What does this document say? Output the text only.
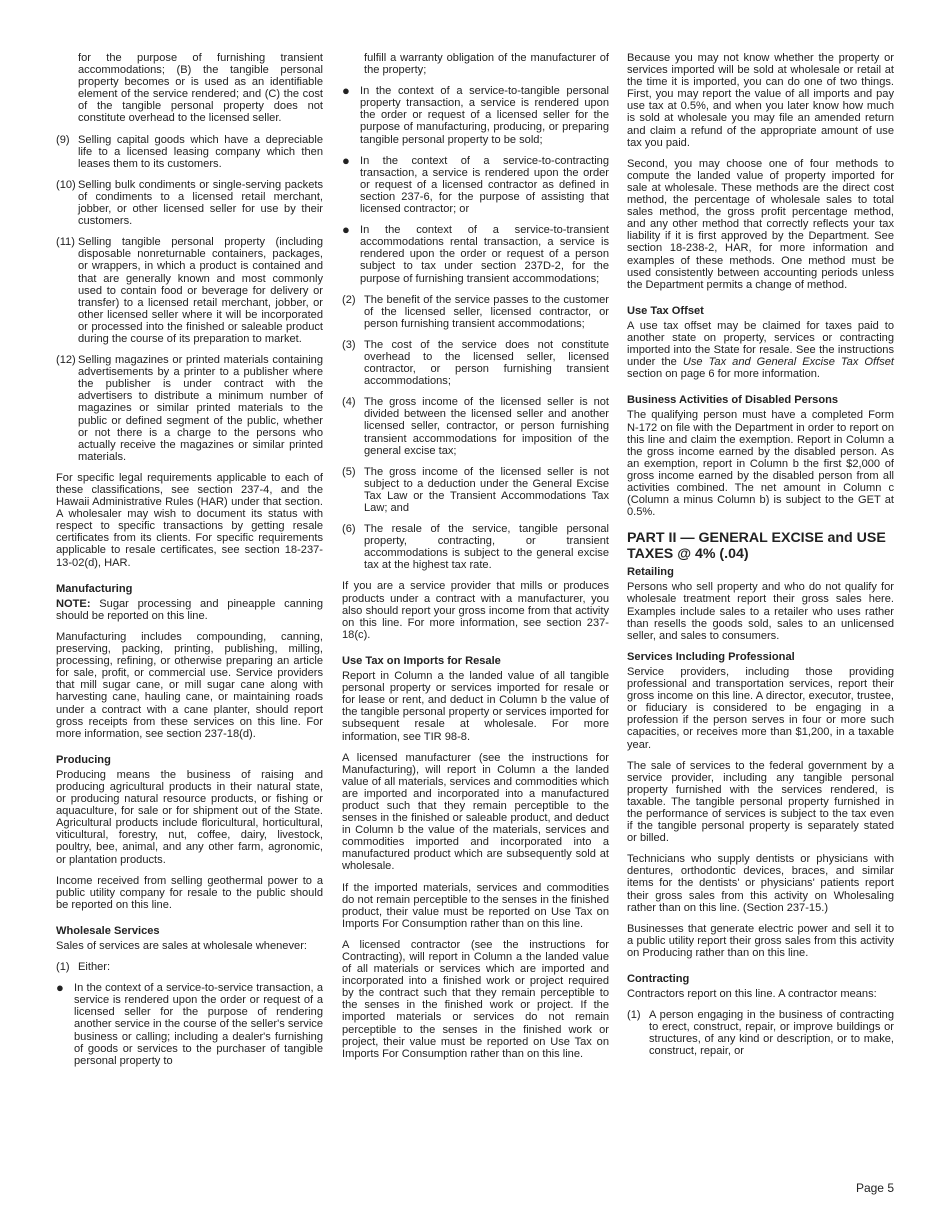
for the purpose of furnishing transient accommodations; (B) the tangible personal property becomes or is used as an identifiable element of the service rendered; and (C) the cost of the tangible personal property does not constitute overhead to the licensed seller.

(9) Selling capital goods which have a depreciable life to a licensed leasing company which then leases them to its customers.
(10) Selling bulk condiments or single-serving packets of condiments to a licensed retail merchant, jobber, or other licensed seller for use by their customers.
(11) Selling tangible personal property (including disposable nonreturnable containers, packages, or wrappers, in which a product is contained and that are generally known and most commonly used to contain food or beverage for delivery or transfer) to a licensed retail merchant, jobber, or other licensed seller where it will be incorporated or processed into the finished or saleable product during the course of its preparation to market.
(12) Selling magazines or printed materials containing advertisements by a printer to a publisher where the publisher is under contract with the advertisers to distribute a minimum number of magazines or similar printed materials to the public or defined segment of the public, whether or not there is a charge to the persons who actually receive the magazines or similar printed materials.

For specific legal requirements applicable to each of these classifications, see section 237-4, and the Hawaii Administrative Rules (HAR) under that section. A wholesaler may wish to document its status with respect to specific transactions by getting resale certificates from its clients. For specific requirements applicable to resale certificates, see section 18-237-13-02(d), HAR.

Manufacturing

NOTE: Sugar processing and pineapple canning should be reported on this line.

Manufacturing includes compounding, canning, preserving, packing, printing, publishing, milling, processing, refining, or otherwise preparing an article for sale, profit, or commercial use. Service providers that mill sugar cane, or mill sugar cane along with harvesting cane, hauling cane, or maintaining roads under a contract with a cane planter, should report gross receipts from these services on this line. For more information, see section 237-18(d).

Producing

Producing means the business of raising and producing agricultural products in their natural state, or producing natural resource products, or fishing or aquaculture, for sale or for shipment out of the State. Agricultural products include floricultural, horticultural, viticultural, forestry, nut, coffee, dairy, livestock, poultry, bee, animal, and any other farm, agronomic, or plantation products.

Income received from selling geothermal power to a public utility company for resale to the public should be reported on this line.

Wholesale Services

Sales of services are sales at wholesale whenever:

(1) Either:
● In the context of a service-to-service transaction, a service is rendered upon the order or request of a licensed seller for the purpose of rendering another service in the course of the seller's service business or calling; including a dealer's furnishing of goods or services to the purchaser of tangible personal property to

fulfill a warranty obligation of the manufacturer of the property;

● In the context of a service-to-tangible personal property transaction, a service is rendered upon the order or request of a licensed seller for the purpose of manufacturing, producing, or preparing tangible personal property to be sold;
● In the context of a service-to-contracting transaction, a service is rendered upon the order or request of a licensed contractor as defined in section 237-6, for the purpose of assisting that licensed contractor; or
● In the context of a service-to-transient accommodations rental transaction, a service is rendered upon the order or request of a person subject to tax under section 237D-2, for the purpose of furnishing transient accommodations;
(2) The benefit of the service passes to the customer of the licensed seller, licensed contractor, or person furnishing transient accommodations;
(3) The cost of the service does not constitute overhead to the licensed seller, licensed contractor, or person furnishing transient accommodations;
(4) The gross income of the licensed seller is not divided between the licensed seller and another licensed seller, contractor, or person furnishing transient accommodations for imposition of the general excise tax;
(5) The gross income of the licensed seller is not subject to a deduction under the General Excise Tax Law or the Transient Accommodations Tax Law; and
(6) The resale of the service, tangible personal property, contracting, or transient accommodations is subject to the general excise tax at the highest tax rate.

If you are a service provider that mills or produces products under a contract with a manufacturer, you also should report your gross income from that activity on this line. For more information, see section 237-18(c).

Use Tax on Imports for Resale

Report in Column a the landed value of all tangible personal property or services imported for resale or for lease or rent, and deduct in Column b the value of the tangible personal property or services imported for subsequent resale at wholesale. For more information, see TIR 98-8.

A licensed manufacturer (see the instructions for Manufacturing), will report in Column a the landed value of all materials, services and commodities which are imported and incorporated into a manufactured product such that they remain perceptible to the senses in the finished or saleable product, and deduct in Column b the value of the materials, services and commodities imported and incorporated into a manufactured product which are subsequently sold at wholesale.

If the imported materials, services and commodities do not remain perceptible to the senses in the finished product, their value must be reported on Use Tax on Imports For Consumption rather than on this line.

A licensed contractor (see the instructions for Contracting), will report in Column a the landed value of all materials or services which are imported and incorporated into a finished work or project required by the contract such that they remain perceptible to the senses in the finished work or project. If the imported materials or services do not remain perceptible to the senses in the finished work or project, their value must be reported on Use Tax on Imports For Consumption rather than on this line.

Because you may not know whether the property or services imported will be sold at wholesale or retail at the time it is imported, you can do one of two things. First, you may report the value of all imports and pay use tax at 0.5%, and when you later know how much is sold at wholesale you may file an amended return and claim a refund of the appropriate amount of use tax you paid.

Second, you may choose one of four methods to compute the landed value of property imported for sale at wholesale. These methods are the direct cost method, the percentage of wholesale sales to total sales method, the gross profit percentage method, and any other method that correctly reflects your tax liability if it is first approved by the Department. See section 18-238-2, HAR, for more information and examples of these methods. One method must be used consistently between accounting periods unless the Department permits a change of method.

Use Tax Offset

A use tax offset may be claimed for taxes paid to another state on property, services or contracting imported into the State for resale. See the instructions under the Use Tax and General Excise Tax Offset section on page 6 for more information.

Business Activities of Disabled Persons

The qualifying person must have a completed Form N-172 on file with the Department in order to report on this line and claim the exemption. Report in Column a the gross income earned by the disabled person. As an exemption, report in Column b the first $2,000 of gross income earned by the disabled person from all activities combined. The net amount in Column c (Column a minus Column b) is subject to the GET at 0.5%.

PART II — GENERAL EXCISE and USE TAXES @ 4% (.04)
Retailing

Persons who sell property and who do not qualify for wholesale treatment report their gross sales here. Examples include sales to a retailer who uses rather than resells the goods sold, sales to an unlicensed seller, and sales to consumers.

Services Including Professional

Service providers, including those providing professional and transportation services, report their gross income on this line. A director, executor, trustee, or fiduciary is considered to be engaging in a profession if the person serves in four or more such capacities, or receives more than $1,200, in a taxable year.

The sale of services to the federal government by a service provider, including any tangible personal property furnished with the services rendered, is taxable. The tangible personal property furnished in the performance of services is subject to the tax even if the tangible personal property is separately stated or billed.

Technicians who supply dentists or physicians with dentures, orthodontic devices, braces, and similar items for the dentists' or physicians' patients report their gross sales from this activity on Wholesaling rather than on this line. (Section 237-15.)

Businesses that generate electric power and sell it to a public utility report their gross sales from this activity on Producing rather than on this line.

Contracting

Contractors report on this line. A contractor means:

(1) A person engaging in the business of contracting to erect, construct, repair, or improve buildings or structures, of any kind or description, or to make, construct, repair, or
Page 5
